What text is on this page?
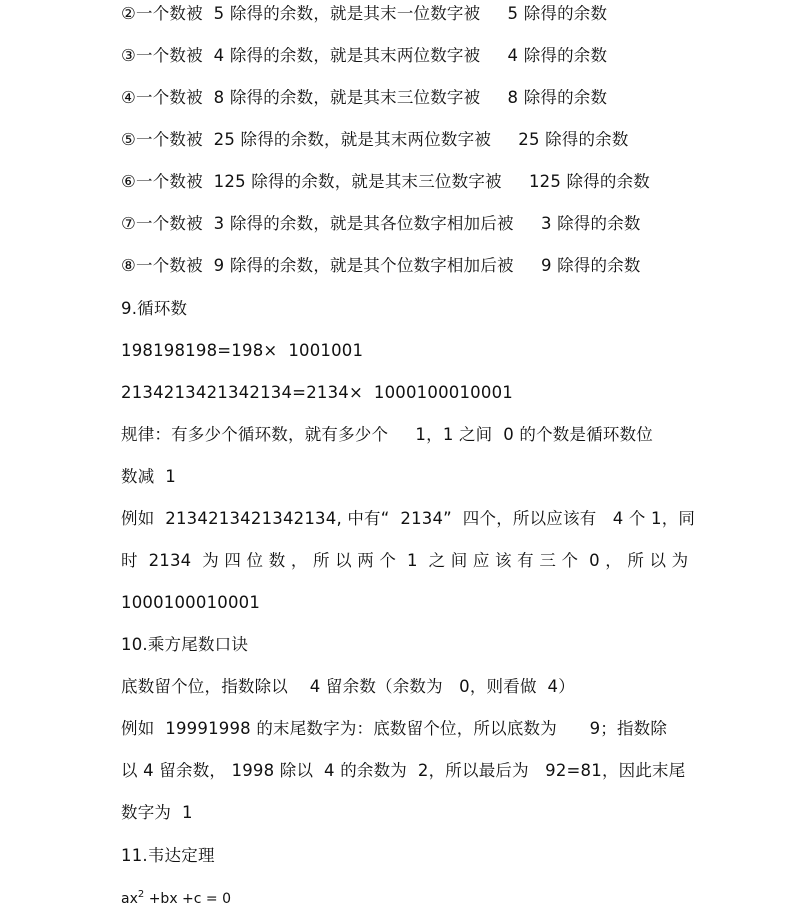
②一个数被  5 除得的余数，就是其末一位数字被     5 除得的余数
③一个数被  4 除得的余数，就是其末两位数字被     4 除得的余数
④一个数被  8 除得的余数，就是其末三位数字被     8 除得的余数
⑤一个数被  25 除得的余数，就是其末两位数字被     25 除得的余数
⑥一个数被  125 除得的余数，就是其末三位数字被     125 除得的余数
⑦一个数被  3 除得的余数，就是其各位数字相加后被     3 除得的余数
⑧一个数被  9 除得的余数，就是其个位数字相加后被     9 除得的余数
9.循环数
198198198=198×  1001001
2134213421342134=2134×  1000100010001
规律：有多少个循环数，就有多少个     1，1 之间  0 的个数是循环数位
数减  1
例如  2134213421342134, 中有“  2134”  四个，所以应该有   4 个 1，同
时  2134  为 四 位 数 ， 所 以 两 个  1  之 间 应 该 有 三 个  0 ， 所 以 为
1000100010001
10.乘方尾数口诀
底数留个位，指数除以    4 留余数（余数为   0，则看做  4）
例如  19991998 的末尾数字为：底数留个位，所以底数为      9；指数除
以 4 留余数， 1998 除以  4 的余数为  2，所以最后为   92=81，因此末尾
数字为  1
11.韦达定理
$ax^2 +bx +c = 0$
